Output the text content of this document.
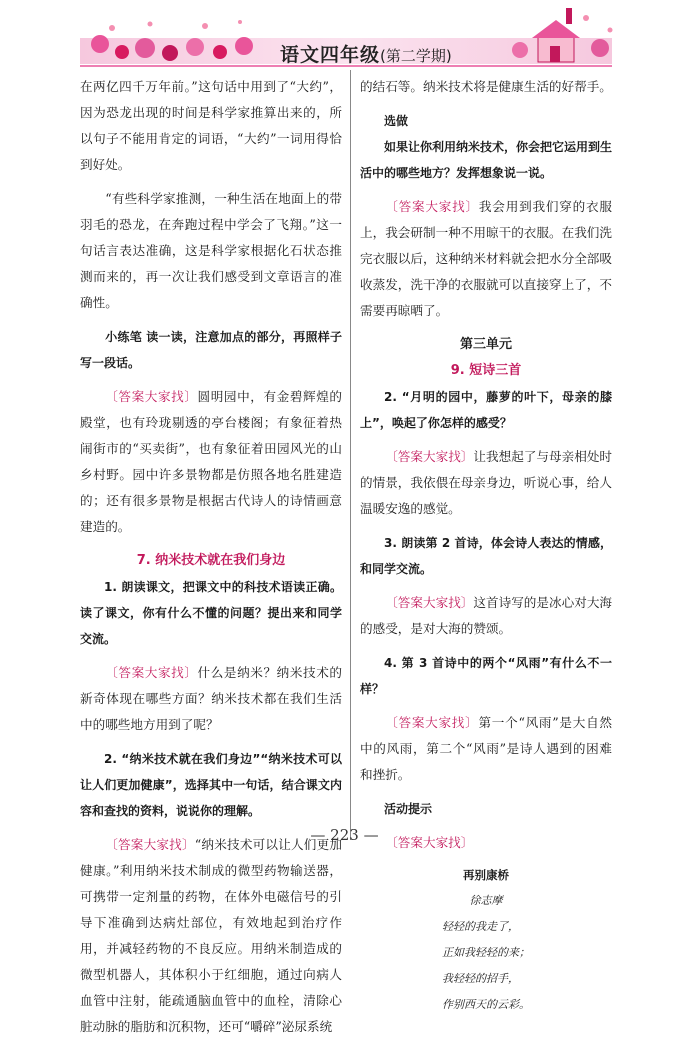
语文四年级(第二学期)

在两亿四千万年前。”这句话中用到了“大约”，因为恐龙出现的时间是科学家推算出来的，所以句子不能用肯定的词语，“大约”一词用得恰到好处。

“有些科学家推测，一种生活在地面上的带羽毛的恐龙，在奔跑过程中学会了飞翔。”这一句话言表达准确，这是科学家根据化石状态推测而来的，再一次让我们感受到文章语言的准确性。

小练笔 读一读，注意加点的部分，再照样子写一段话。

〔答案大家找〕圆明园中，有金碧辉煌的殿堂，也有玲珑剔透的亭台楼阁；有象征着热闹街市的“买卖街”，也有象征着田园风光的山乡村野。园中许多景物都是仿照各地名胜建造的；还有很多景物是根据古代诗人的诗情画意建造的。

7. 纳米技术就在我们身边

1. 朗读课文，把课文中的科技术语读正确。读了课文，你有什么不懂的问题？提出来和同学交流。

〔答案大家找〕什么是纳米？纳米技术的新奇体现在哪些方面？纳米技术都在我们生活中的哪些地方用到了呢？

2. “纳米技术就在我们身边”“纳米技术可以让人们更加健康”，选择其中一句话，结合课文内容和查找的资料，说说你的理解。

〔答案大家找〕“纳米技术可以让人们更加健康。”利用纳米技术制成的微型药物输送器，可携带一定剂量的药物，在体外电磁信号的引导下准确到达病灶部位，有效地起到治疗作用，并减轻药物的不良反应。用纳米制造成的微型机器人，其体积小于红细胞，通过向病人血管中注射，能疏通脑血管中的血栓，清除心脏动脉的脂肪和沉积物，还可“嚼碎”泌尿系统

的结石等。纳米技术将是健康生活的好帮手。

选做

如果让你利用纳米技术，你会把它运用到生活中的哪些地方？发挥想象说一说。

〔答案大家找〕我会用到我们穿的衣服上，我会研制一种不用晾干的衣服。在我们洗完衣服以后，这种纳米材料就会把水分全部吸收蒸发，洗干净的衣服就可以直接穿上了，不需要再晾晒了。

第三单元

9. 短诗三首

2. “月明的园中，藤萝的叶下，母亲的膝上”，唤起了你怎样的感受？

〔答案大家找〕让我想起了与母亲相处时的情景，我依偎在母亲身边，听说心事，给人温暖安逸的感觉。

3. 朗读第 2 首诗，体会诗人表达的情感，和同学交流。

〔答案大家找〕这首诗写的是冰心对大海的感受，是对大海的赞颂。

4. 第 3 首诗中的两个“风雨”有什么不一样？

〔答案大家找〕第一个“风雨”是大自然中的风雨，第二个“风雨”是诗人遇到的困难和挫折。

活动提示

〔答案大家找〕

再别康桥

徐志摩

轻轻的我走了，

正如我轻轻的来；

我轻轻的招手，

作别西天的云彩。

— 223 —
